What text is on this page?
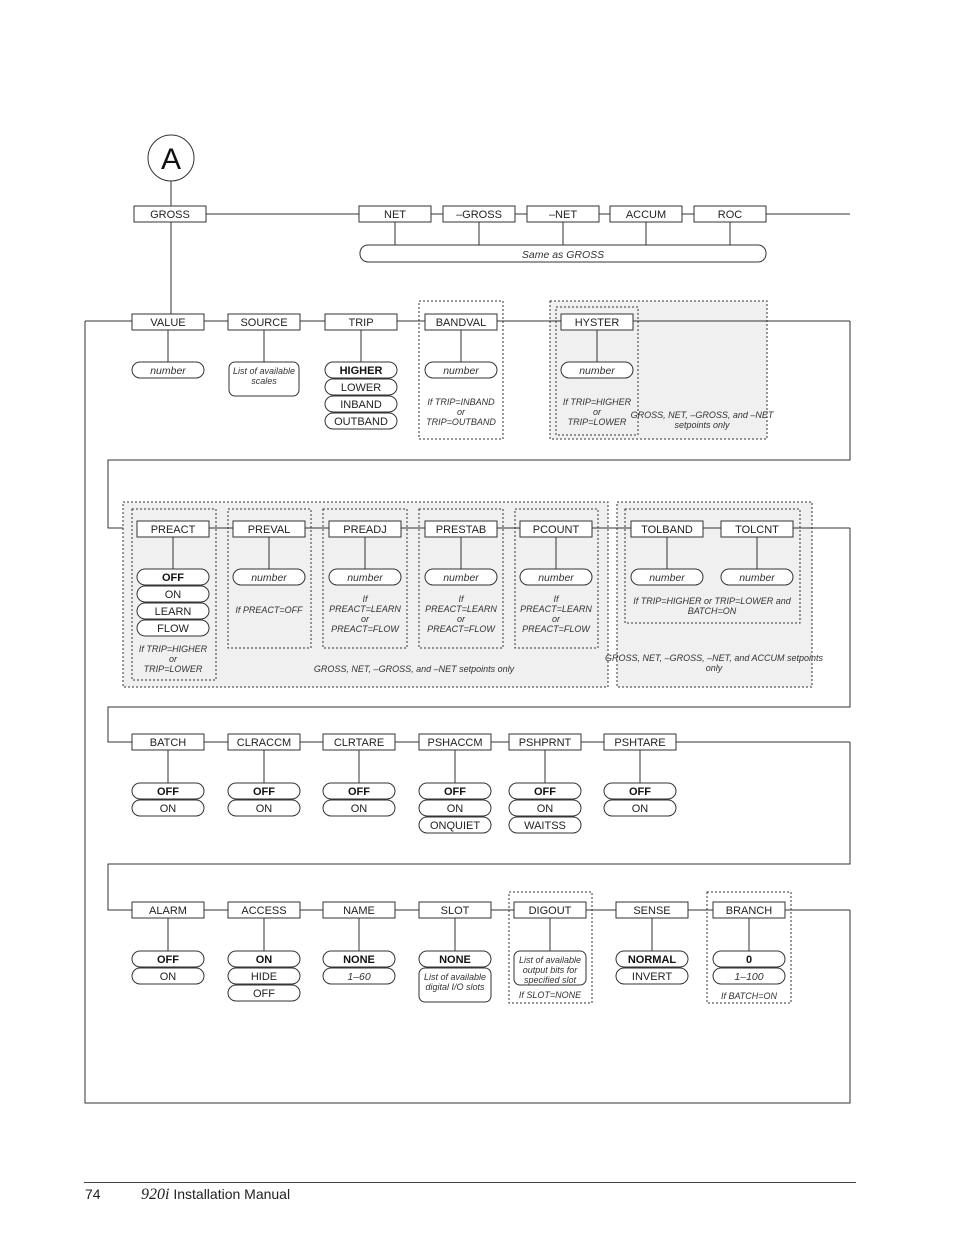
A
GROSS	NET	–GROSS	–NET	ACCUM	ROC
Same as GROSS
VALUE
number
SOURCE
List of available scales
TRIP
HIGHER
LOWER
INBAND
OUTBAND
BANDVAL
number
If TRIP=INBAND or TRIP=OUTBAND
HYSTER
number
If TRIP=HIGHER or TRIP=LOWER
GROSS, NET, –GROSS, and –NET setpoints only
PREACT
OFF
ON
LEARN
FLOW
If TRIP=HIGHER or TRIP=LOWER
PREVAL
number
If PREACT=OFF
PREADJ
number
If PREACT=LEARN or PREACT=FLOW
PRESTAB
number
If PREACT=LEARN or PREACT=FLOW
PCOUNT
number
If PREACT=LEARN or PREACT=FLOW
TOLBAND
number
TOLCNT
number
GROSS, NET, –GROSS, and –NET setpoints only
If TRIP=HIGHER or TRIP=LOWER and BATCH=ON
GROSS, NET, –GROSS, –NET, and ACCUM setpoints only
BATCH
OFF
ON
CLRACCM
OFF
ON
CLRTARE
OFF
ON
PSHACCM
OFF
ON
ONQUIET
PSHPRNT
OFF
ON
WAITSS
PSHTARE
OFF
ON
ALARM
OFF
ON
ACCESS
ON
HIDE
OFF
NAME
NONE
1–60
SLOT
NONE
List of available digital I/O slots
DIGOUT
List of available output bits for specified slot
If SLOT=NONE
SENSE
NORMAL
INVERT
BRANCH
0
1–100
If BATCH=ON
74	920i Installation Manual
